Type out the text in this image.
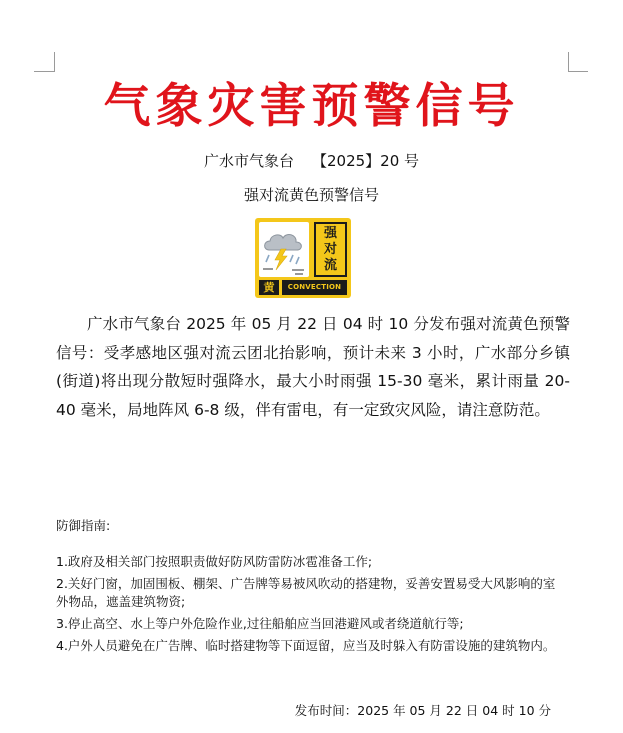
气象灾害预警信号
广水市气象台 【2025】20 号
强对流黄色预警信号
强
对
流
黄	CONVECTION
广水市气象台 2025 年 05 月 22 日 04 时 10 分发布强对流黄色预警信号：受孝感地区强对流云团北抬影响，预计未来 3 小时，广水部分乡镇(街道)将出现分散短时强降水，最大小时雨强 15-30 毫米，累计雨量 20-40 毫米，局地阵风 6-8 级，伴有雷电，有一定致灾风险，请注意防范。
防御指南:
1.政府及相关部门按照职责做好防风防雷防冰雹准备工作;
2.关好门窗，加固围板、棚架、广告牌等易被风吹动的搭建物，妥善安置易受大风影响的室外物品，遮盖建筑物资;
3.停止高空、水上等户外危险作业,过往船舶应当回港避风或者绕道航行等;
4.户外人员避免在广告牌、临时搭建物等下面逗留，应当及时躲入有防雷设施的建筑物内。
发布时间：2025 年 05 月 22 日 04 时 10 分
